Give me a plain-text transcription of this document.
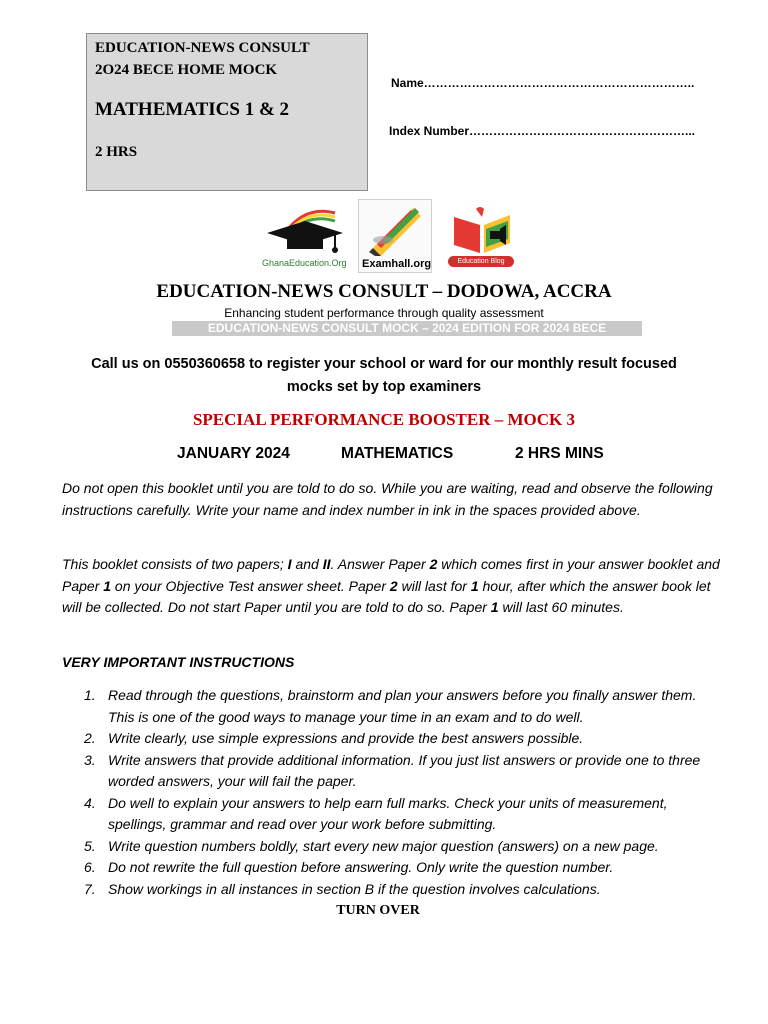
EDUCATION-NEWS CONSULT
2O24 BECE HOME MOCK
MATHEMATICS 1 & 2
2 HRS
Name…………………………………………………………..
Index Number………………………………………………...
GhanaEducation.Org Examhall.org	Education Blog
EDUCATION-NEWS CONSULT – DODOWA, ACCRA
Enhancing student performance through quality assessment
EDUCATION-NEWS CONSULT MOCK – 2024 EDITION FOR 2024 BECE
Call us on 0550360658 to register your school or ward for our monthly result focused
mocks set by top examiners
SPECIAL PERFORMANCE BOOSTER – MOCK 3
JANUARY 2024	MATHEMATICS	2 HRS MINS
Do not open this booklet until you are told to do so. While you are waiting, read and observe the following instructions carefully. Write your name and index number in ink in the spaces provided above.
This booklet consists of two papers; I and II. Answer Paper 2 which comes first in your answer booklet and Paper 1 on your Objective Test answer sheet. Paper 2 will last for 1 hour, after which the answer book let will be collected. Do not start Paper until you are told to do so. Paper 1 will last 60 minutes.
VERY IMPORTANT INSTRUCTIONS
1. Read through the questions, brainstorm and plan your answers before you finally answer them. This is one of the good ways to manage your time in an exam and to do well.
2. Write clearly, use simple expressions and provide the best answers possible.
3. Write answers that provide additional information. If you just list answers or provide one to three worded answers, your will fail the paper.
4. Do well to explain your answers to help earn full marks. Check your units of measurement, spellings, grammar and read over your work before submitting.
5. Write question numbers boldly, start every new major question (answers) on a new page.
6. Do not rewrite the full question before answering. Only write the question number.
7. Show workings in all instances in section B if the question involves calculations.
TURN OVER
